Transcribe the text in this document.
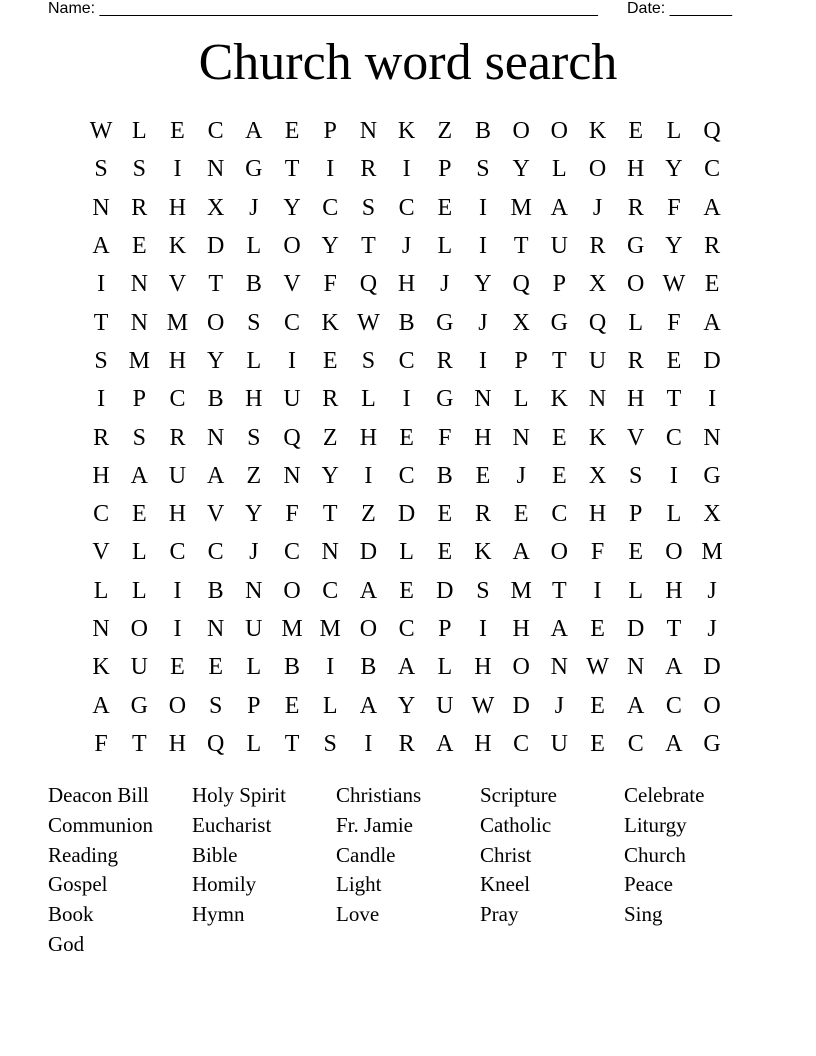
Name: ________________________________________________________

Date: _______

Church word search
W L E C A E	P N K Z B O O K E L Q
S	S	I	N G T	I	R	I	P	S Y L O H Y C
N R H X	J	Y C S C E	I M A	J	R F A
A E K D L O Y T	J	L	I	T U R G Y R
I	N V T B V F Q H	J	Y Q P X O W E
T N M O S C K W B G	J	X G Q L	F A
S M H Y L	I	E	S C R	I	P	T U R E D
I	P C B H U R L	I	G N L K N H T	I
R S R N S Q Z H E	F H N E K V C N
H A U A Z N Y	I	C B E	J	E X S	I	G
C E H V Y F	T Z D E R E C H P	L X
V L C C	J	C N D L E K A O F	E O M
L L	I	B N O C A E D S M T	I	L H	J
N O	I	N U M M O C P	I	H A E D T	J
K U E E L B	I	B A L H O N W N A D
A G O S	P	E L A Y U W D	J	E A C O
F	T H Q L T	S	I	R A H C U E C A G
Deacon Bill	Holy Spirit	Christians	Scripture	Celebrate
Communion	Eucharist	Fr. Jamie	Catholic	Liturgy
Reading	Bible	Candle	Christ	Church
Gospel	Homily	Light	Kneel	Peace
Book	Hymn	Love	Pray	Sing
God
